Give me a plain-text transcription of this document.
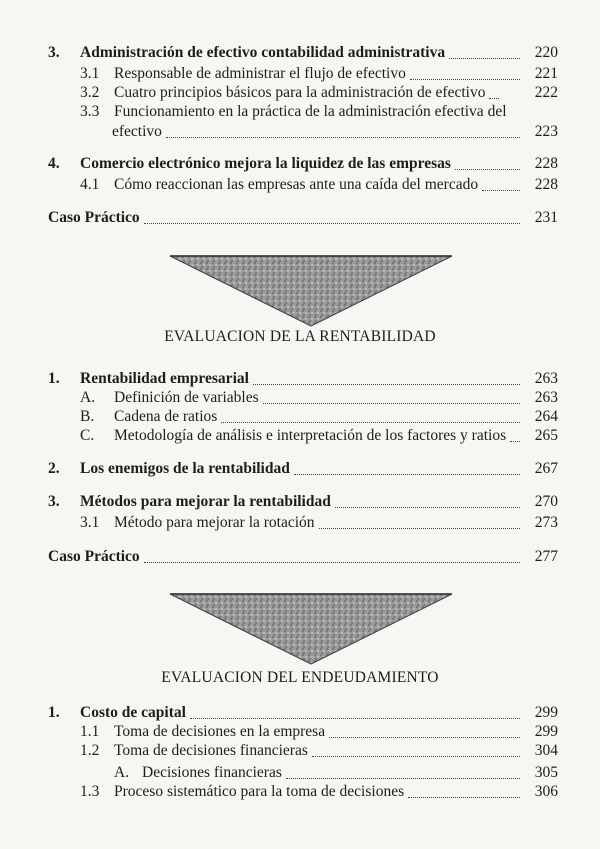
3.	Administración de efectivo contabilidad administrativa	220
3.1 Responsable de administrar el flujo de efectivo	221
3.2 Cuatro principios básicos para la administración de efectivo	222
3.3 Funcionamiento en la práctica de la administración efectiva del
efectivo	223
4.	Comercio electrónico mejora la liquidez de las empresas	228
4.1 Cómo reaccionan las empresas ante una caída del mercado	228
Caso Práctico	231
EVALUACION DE LA RENTABILIDAD
1.	Rentabilidad empresarial	263
A.	Definición de variables	263
B.	Cadena de ratios	264
C.	Metodología de análisis e interpretación de los factores y ratios	265
2.	Los enemigos de la rentabilidad	267
3.	Métodos para mejorar la rentabilidad	270
3.1 Método para mejorar la rotación	273
Caso Práctico	277
EVALUACION DEL ENDEUDAMIENTO
1.	Costo de capital	299
1.1 Toma de decisiones en la empresa	299
1.2 Toma de decisiones financieras	304
A. Decisiones financieras	305
1.3 Proceso sistemático para la toma de decisiones	306
